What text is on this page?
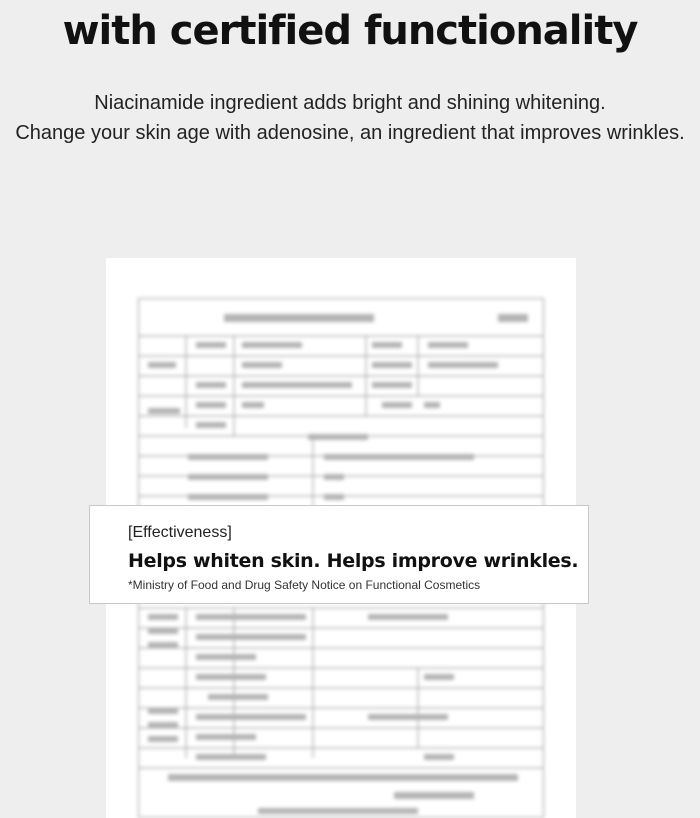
with certified functionality
Niacinamide ingredient adds bright and shining whitening.
Change your skin age with adenosine, an ingredient that improves wrinkles.
[Effectiveness]
Helps whiten skin. Helps improve wrinkles.
*Ministry of Food and Drug Safety Notice on Functional Cosmetics
